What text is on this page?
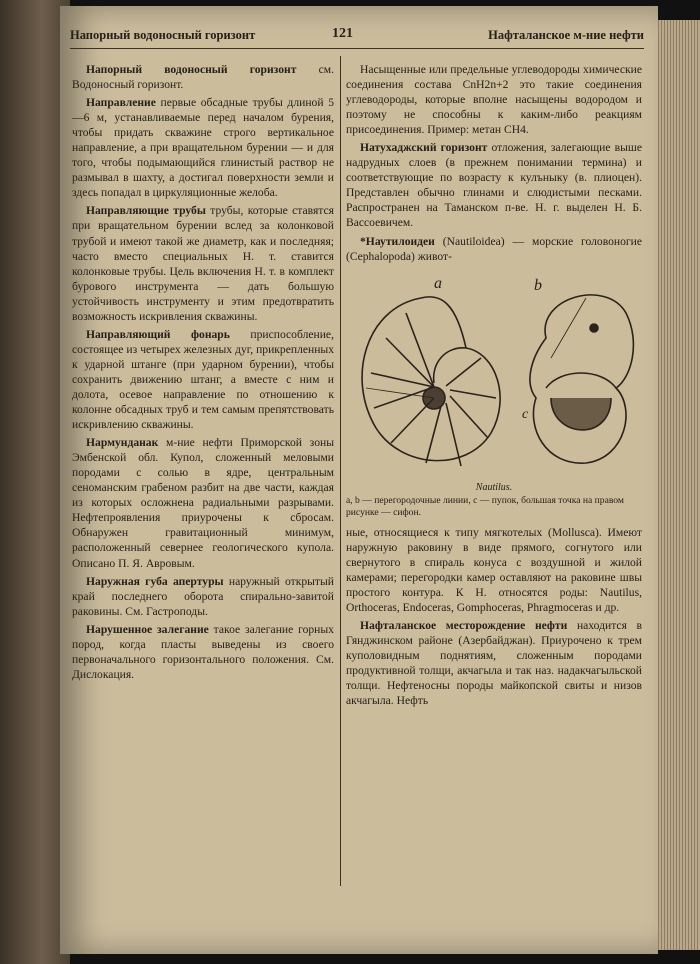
Напорный водоносный горизонт	121	Нафталанское м-ние нефти

Напорный водоносный горизонт см. Водоносный горизонт.

Направление первые обсадные трубы длиной 5—6 м, устанавливаемые перед началом бурения, чтобы придать скважине строго вертикальное направление, а при вращательном бурении — и для того, чтобы подымающийся глинистый раствор не размывал в шахту, а достигал поверхности земли и здесь попадал в циркуляционные желоба.

Направляющие трубы трубы, которые ставятся при вращательном бурении вслед за колонковой трубой и имеют такой же диаметр, как и последняя; часто вместо специальных Н. т. ставится колонковые трубы. Цель включения Н. т. в комплект бурового инструмента — дать большую устойчивость инструменту и этим предотвратить возможность искривления скважины.

Направляющий фонарь приспособление, состоящее из четырех железных дуг, прикрепленных к ударной штанге (при ударном бурении), чтобы сохранить движению штанг, а вместе с ним и долота, осевое направление по отношению к колонне обсадных труб и тем самым препятствовать искривлению скважины.

Нармунданак м-ние нефти Приморской зоны Эмбенской обл. Купол, сложенный меловыми породами с солью в ядре, центральным сеноманским грабеном разбит на две части, каждая из которых осложнена радиальными разрывами. Нефтепроявления приурочены к сбросам. Обнаружен гравитационный минимум, расположенный севернее геологического купола. Описано П. Я. Авровым.

Наружная губа апертуры наружный открытый край последнего оборота спирально-завитой раковины. См. Гастроподы.

Нарушенное залегание такое залегание горных пород, когда пласты выведены из своего первоначального горизонтального положения. См. Дислокация.

Насыщенные или предельные углеводороды химические соединения состава CnH2n+2 это такие соединения углеводороды, которые вполне насыщены водородом и поэтому не способны к каким-либо реакциям присоединения. Пример: метан CH4.

Натухаджский горизонт отложения, залегающие выше надрудных слоев (в прежнем понимании термина) и соответствующие по возрасту к кулъныку (в. плиоцен). Представлен обычно глинами и слюдистыми песками. Распространен на Таманском п-ве. Н. г. выделен Н. Б. Вассоевичем.

*Наутилоидеи (Nautiloidea) — морские головоногие (Cephalopoda) живот-

a	b
c
Nautilus.
a, b — перегородочные линии, c — пупок, большая точка на правом рисунке — сифон.

ные, относящиеся к типу мягкотелых (Mollusca). Имеют наружную раковину в виде прямого, согнутого или свернутого в спираль конуса с воздушной и жилой камерами; перегородки камер оставляют на раковине швы простого контура. К Н. относятся роды: Nautilus, Orthoceras, Endoceras, Gomphoceras, Phragmoceras и др.

Нафталанское месторождение нефти находится в Гянджинском районе (Азербайджан). Приурочено к трем куполовидным поднятиям, сложенным породами продуктивной толщи, акчагыла и так наз. надакчагыльской толщи. Нефтеносны породы майкопской свиты и низов акчагыла. Нефть
